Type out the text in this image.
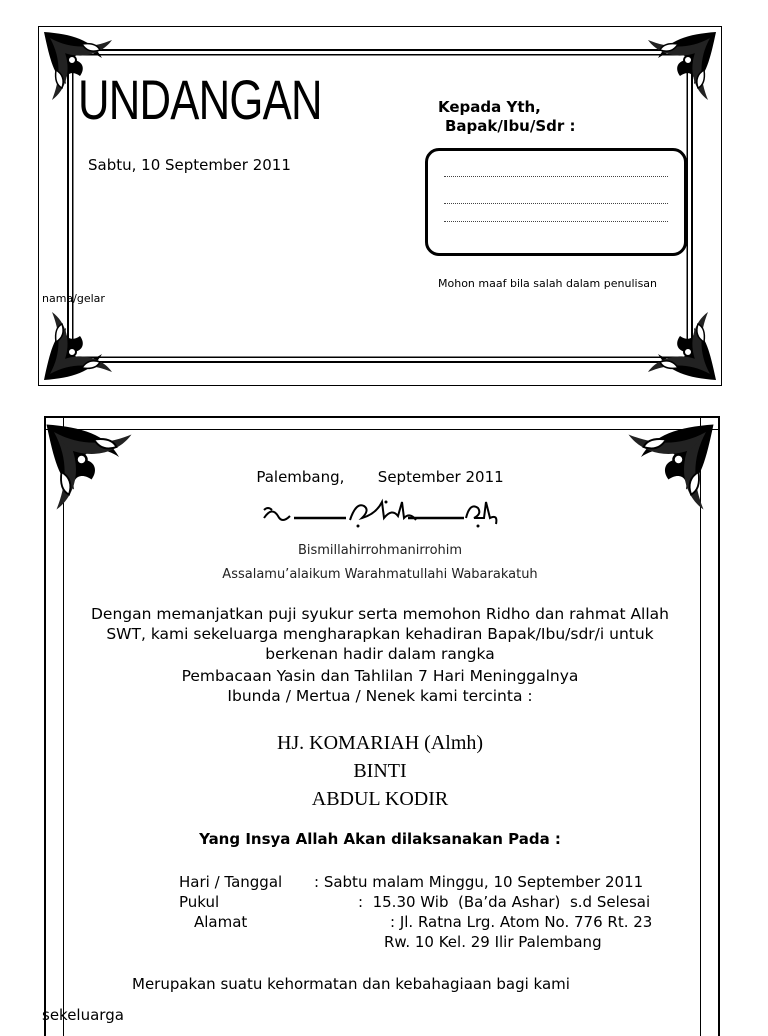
UNDANGAN
Sabtu, 10 September 2011
Kepada Yth,
Bapak/Ibu/Sdr :
Mohon maaf bila salah dalam penulisan
nama/gelar
Palembang,       September 2011
Bismillahirrohmanirrohim
Assalamu’alaikum Warahmatullahi Wabarakatuh
Dengan memanjatkan puji syukur serta memohon Ridho dan rahmat Allah
SWT, kami sekeluarga mengharapkan kehadiran Bapak/Ibu/sdr/i untuk
berkenan hadir dalam rangka
Pembacaan Yasin dan Tahlilan 7 Hari Meninggalnya
Ibunda / Mertua / Nenek kami tercinta :
HJ. KOMARIAH (Almh)
BINTI
ABDUL KODIR
Yang Insya Allah Akan dilaksanakan Pada :
Hari / Tanggal : Sabtu malam Minggu, 10 September 2011
Pukul	:  15.30 Wib  (Ba’da Ashar)  s.d Selesai
Alamat	: Jl. Ratna Lrg. Atom No. 776 Rt. 23
Rw. 10 Kel. 29 Ilir Palembang
Merupakan suatu kehormatan dan kebahagiaan bagi kami
sekeluarga
